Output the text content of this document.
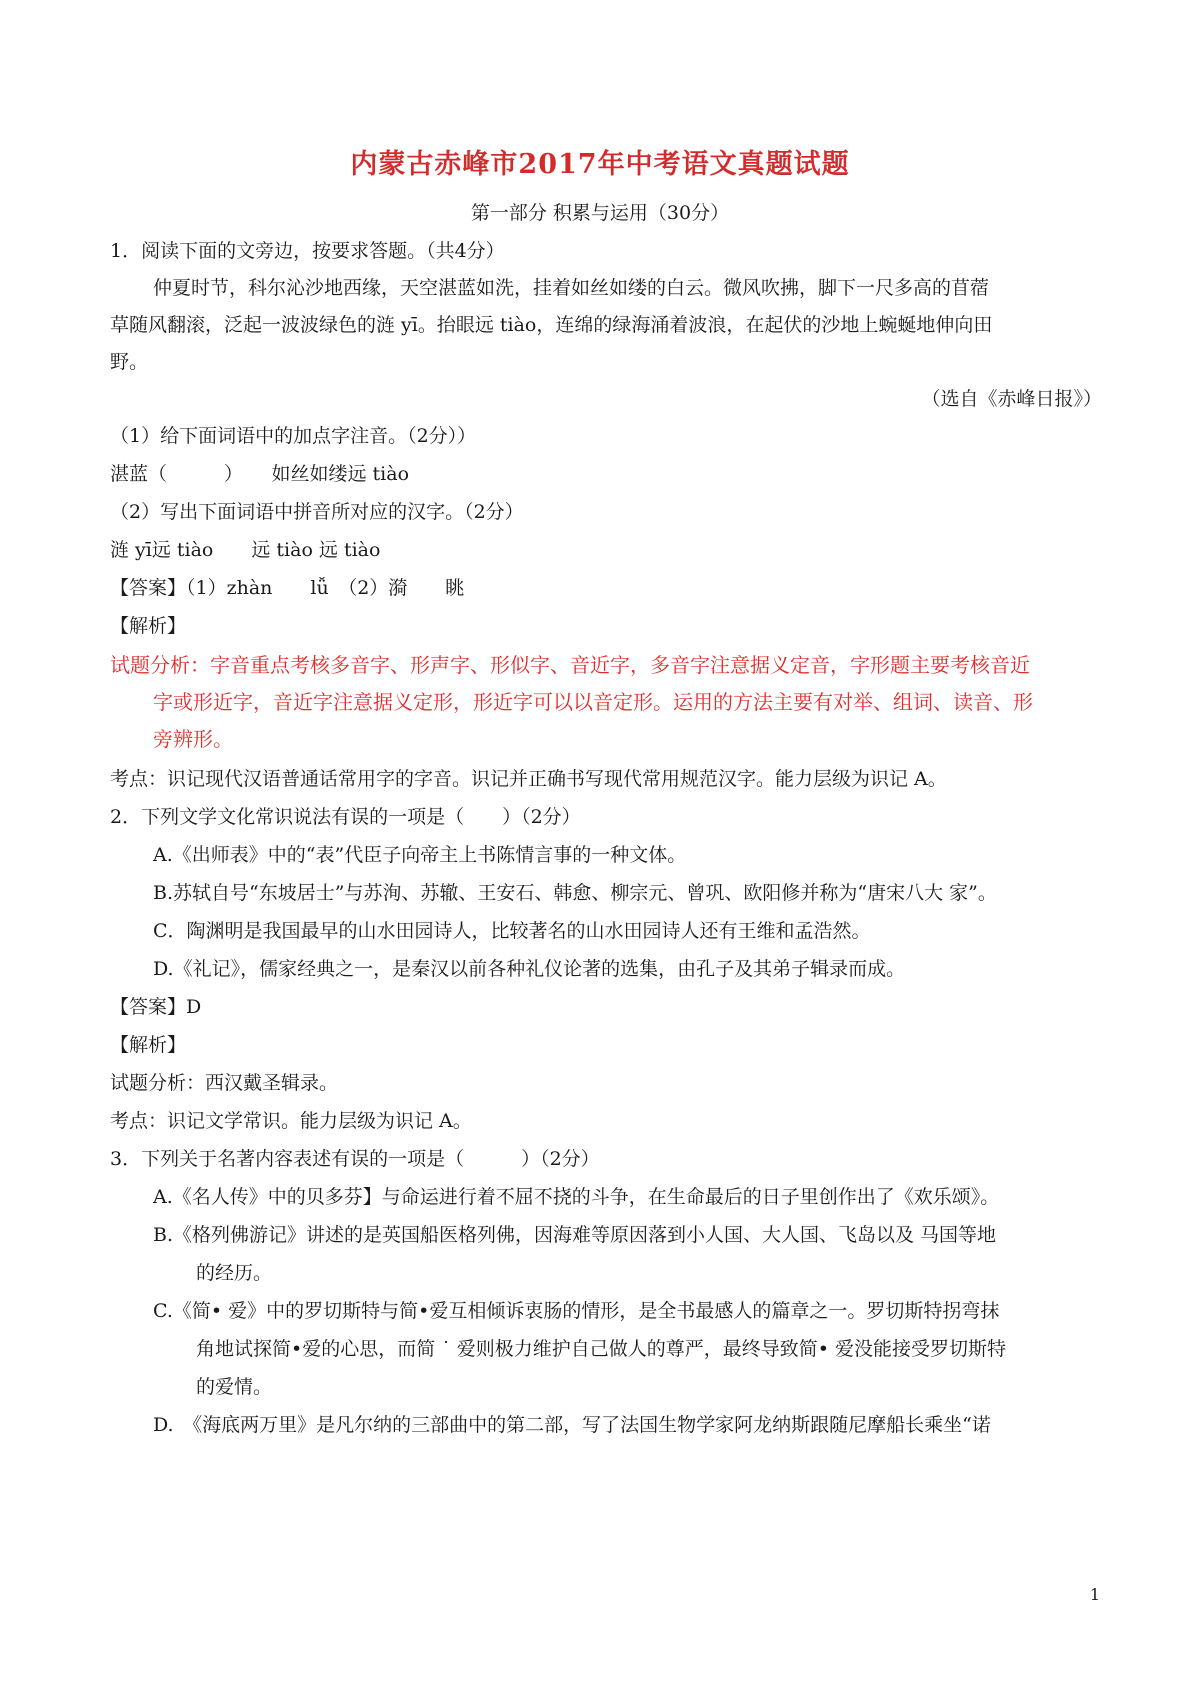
内蒙古赤峰市2017年中考语文真题试题
第一部分 积累与运用（30分）
1．阅读下面的文旁边，按要求答题。（共4分）
仲夏时节，科尔沁沙地西缘，天空湛蓝如洗，挂着如丝如缕的白云。微风吹拂，脚下一尺多高的苜蓿
草随风翻滚，泛起一波波绿色的涟 yī。抬眼远 tiào，连绵的绿海涌着波浪，在起伏的沙地上蜿蜒地伸向田
野。
（选自《赤峰日报》）
（1）给下面词语中的加点字注音。（2分））
湛蓝（　　　）　　如丝如缕远 tiào
（2）写出下面词语中拼音所对应的汉字。（2分）
涟 yī远 tiào　　远 tiào 远 tiào
【答案】（1）zhàn　　lǚ　（2）漪　　眺
【解析】
试题分析：字音重点考核多音字、形声字、形似字、音近字，多音字注意据义定音，字形题主要考核音近
字或形近字，音近字注意据义定形，形近字可以以音定形。运用的方法主要有对举、组词、读音、形
旁辨形。
考点：识记现代汉语普通话常用字的字音。识记并正确书写现代常用规范汉字。能力层级为识记 A。
2．下列文学文化常识说法有误的一项是（　　）（2分）
A.《出师表》中的“表”代臣子向帝主上书陈情言事的一种文体。
B.苏轼自号“东坡居士”与苏洵、苏辙、王安石、韩愈、柳宗元、曾巩、欧阳修并称为“唐宋八大 家”。
C．陶渊明是我国最早的山水田园诗人，比较著名的山水田园诗人还有王维和孟浩然。
D.《礼记》，儒家经典之一，是秦汉以前各种礼仪论著的选集，由孔子及其弟子辑录而成。
【答案】D
【解析】
试题分析：西汉戴圣辑录。
考点：识记文学常识。能力层级为识记 A。
3．下列关于名著内容表述有误的一项是（　　　）（2分）
A.《名人传》中的贝多芬】与命运进行着不屈不挠的斗争，在生命最后的日子里创作出了《欢乐颂》。
B.《格列佛游记》讲述的是英国船医格列佛，因海难等原因落到小人国、大人国、飞岛以及 马国等地
的经历。
C.《简• 爱》中的罗切斯特与简•爱互相倾诉衷肠的情形，是全书最感人的篇章之一。罗切斯特拐弯抹
角地试探简•爱的心思，而简 ˙ 爱则极力维护自己做人的尊严，最终导致简• 爱没能接受罗切斯特
的爱情。
D.　《海底两万里》是凡尔纳的三部曲中的第二部，写了法国生物学家阿龙纳斯跟随尼摩船长乘坐“诺
1
